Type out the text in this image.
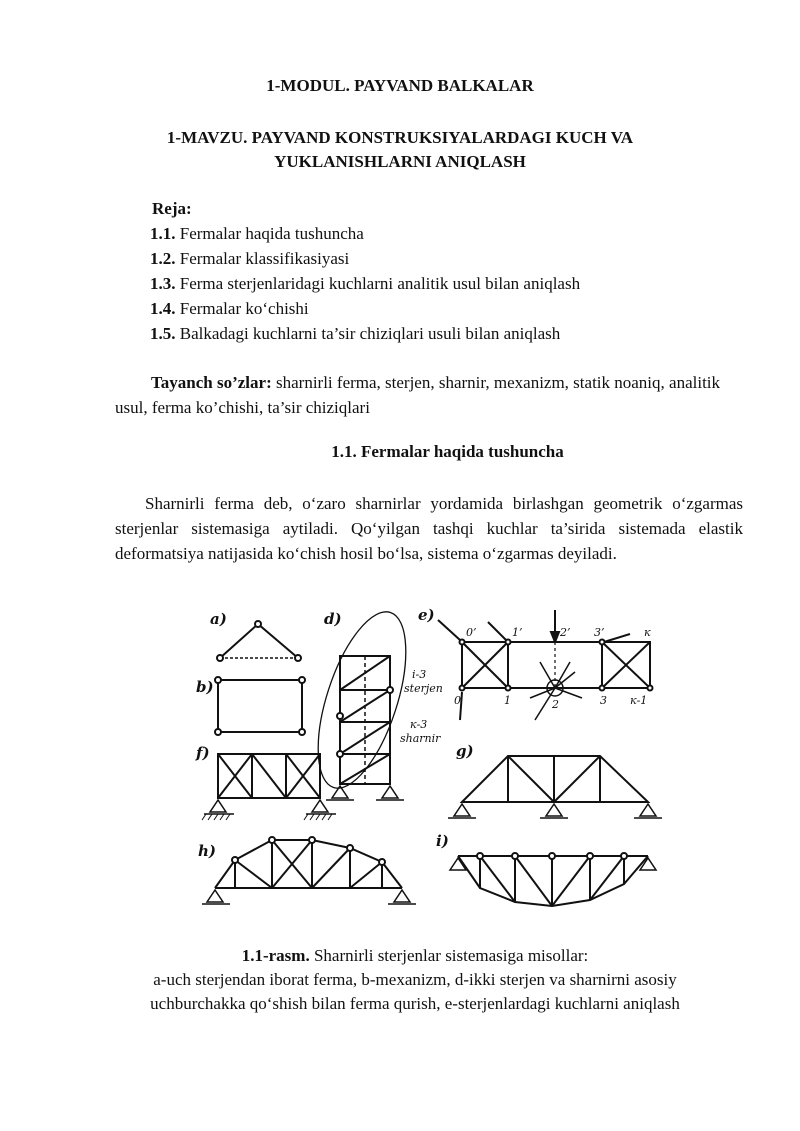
1-MODUL. PAYVAND BALKALAR
1-MAVZU. PAYVAND KONSTRUKSIYALARDAGI KUCH VA YUKLANISHLARNI ANIQLASH
Reja:
1.1. Fermalar haqida tushuncha
1.2. Fermalar klassifikasiyasi
1.3. Ferma sterjenlaridagi kuchlarni analitik usul bilan aniqlash
1.4. Fermalar ko‘chishi
1.5. Balkadagi kuchlarni ta’sir chiziqlari usuli bilan aniqlash
Tayanch so’zlar: sharnirli ferma, sterjen, sharnir, mexanizm, statik noaniq, analitik usul, ferma ko’chishi, ta’sir chiziqlari
1.1. Fermalar haqida tushuncha
Sharnirli ferma deb, o‘zaro sharnirlar yordamida birlashgan geometrik o‘zgarmas sterjenlar sistemasiga aytiladi. Qo‘yilgan tashqi kuchlar ta’sirida sistemada elastik deformatsiya natijasida ko‘chish hosil bo‘lsa, sistema o‘zgarmas deyiladi.
a)
b)
f)
h)
d)	e)
g)
i)
i-3
sterjen
к-3
sharnir
0’	1’	2’ 3’	к
0	1	2	3 к-1
1.1-rasm. Sharnirli sterjenlar sistemasiga misollar:
a-uch sterjendan iborat ferma, b-mexanizm, d-ikki sterjen va sharnirni asosiy
uchburchakka qo‘shish bilan ferma qurish, e-sterjenlardagi kuchlarni aniqlash
